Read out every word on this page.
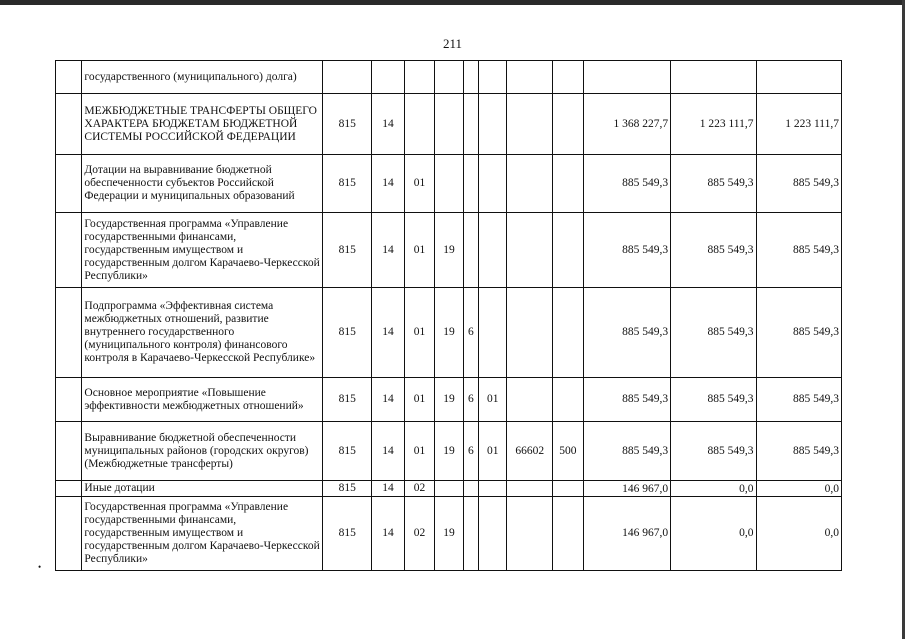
211
•
	государственного (муниципального) долга)											
	МЕЖБЮДЖЕТНЫЕ ТРАНСФЕРТЫ ОБЩЕГО ХАРАКТЕРА БЮДЖЕТАМ БЮДЖЕТНОЙ СИСТЕМЫ РОССИЙСКОЙ ФЕДЕРАЦИИ	815	14							1 368 227,7	1 223 111,7	1 223 111,7
	Дотации на выравнивание бюджетной обеспеченности субъектов Российской Федерации и муниципальных образований	815	14	01						885 549,3	885 549,3	885 549,3
	Государственная программа «Управление государственными финансами, государственным имуществом и государственным долгом Карачаево-Черкесской Республики»	815	14	01	19					885 549,3	885 549,3	885 549,3
	Подпрограмма «Эффективная система межбюджетных отношений, развитие внутреннего государственного (муниципального контроля) финансового контроля в Карачаево-Черкесской Республике»	815	14	01	19	6				885 549,3	885 549,3	885 549,3
	Основное мероприятие «Повышение эффективности межбюджетных отношений»	815	14	01	19	6	01			885 549,3	885 549,3	885 549,3
	Выравнивание бюджетной обеспеченности муниципальных районов (городских округов) (Межбюджетные трансферты)	815	14	01	19	6	01	66602	500	885 549,3	885 549,3	885 549,3
	Иные дотации	815	14	02						146 967,0	0,0	0,0
	Государственная программа «Управление государственными финансами, государственным имуществом и государственным долгом Карачаево-Черкесской Республики»	815	14	02	19					146 967,0	0,0	0,0
